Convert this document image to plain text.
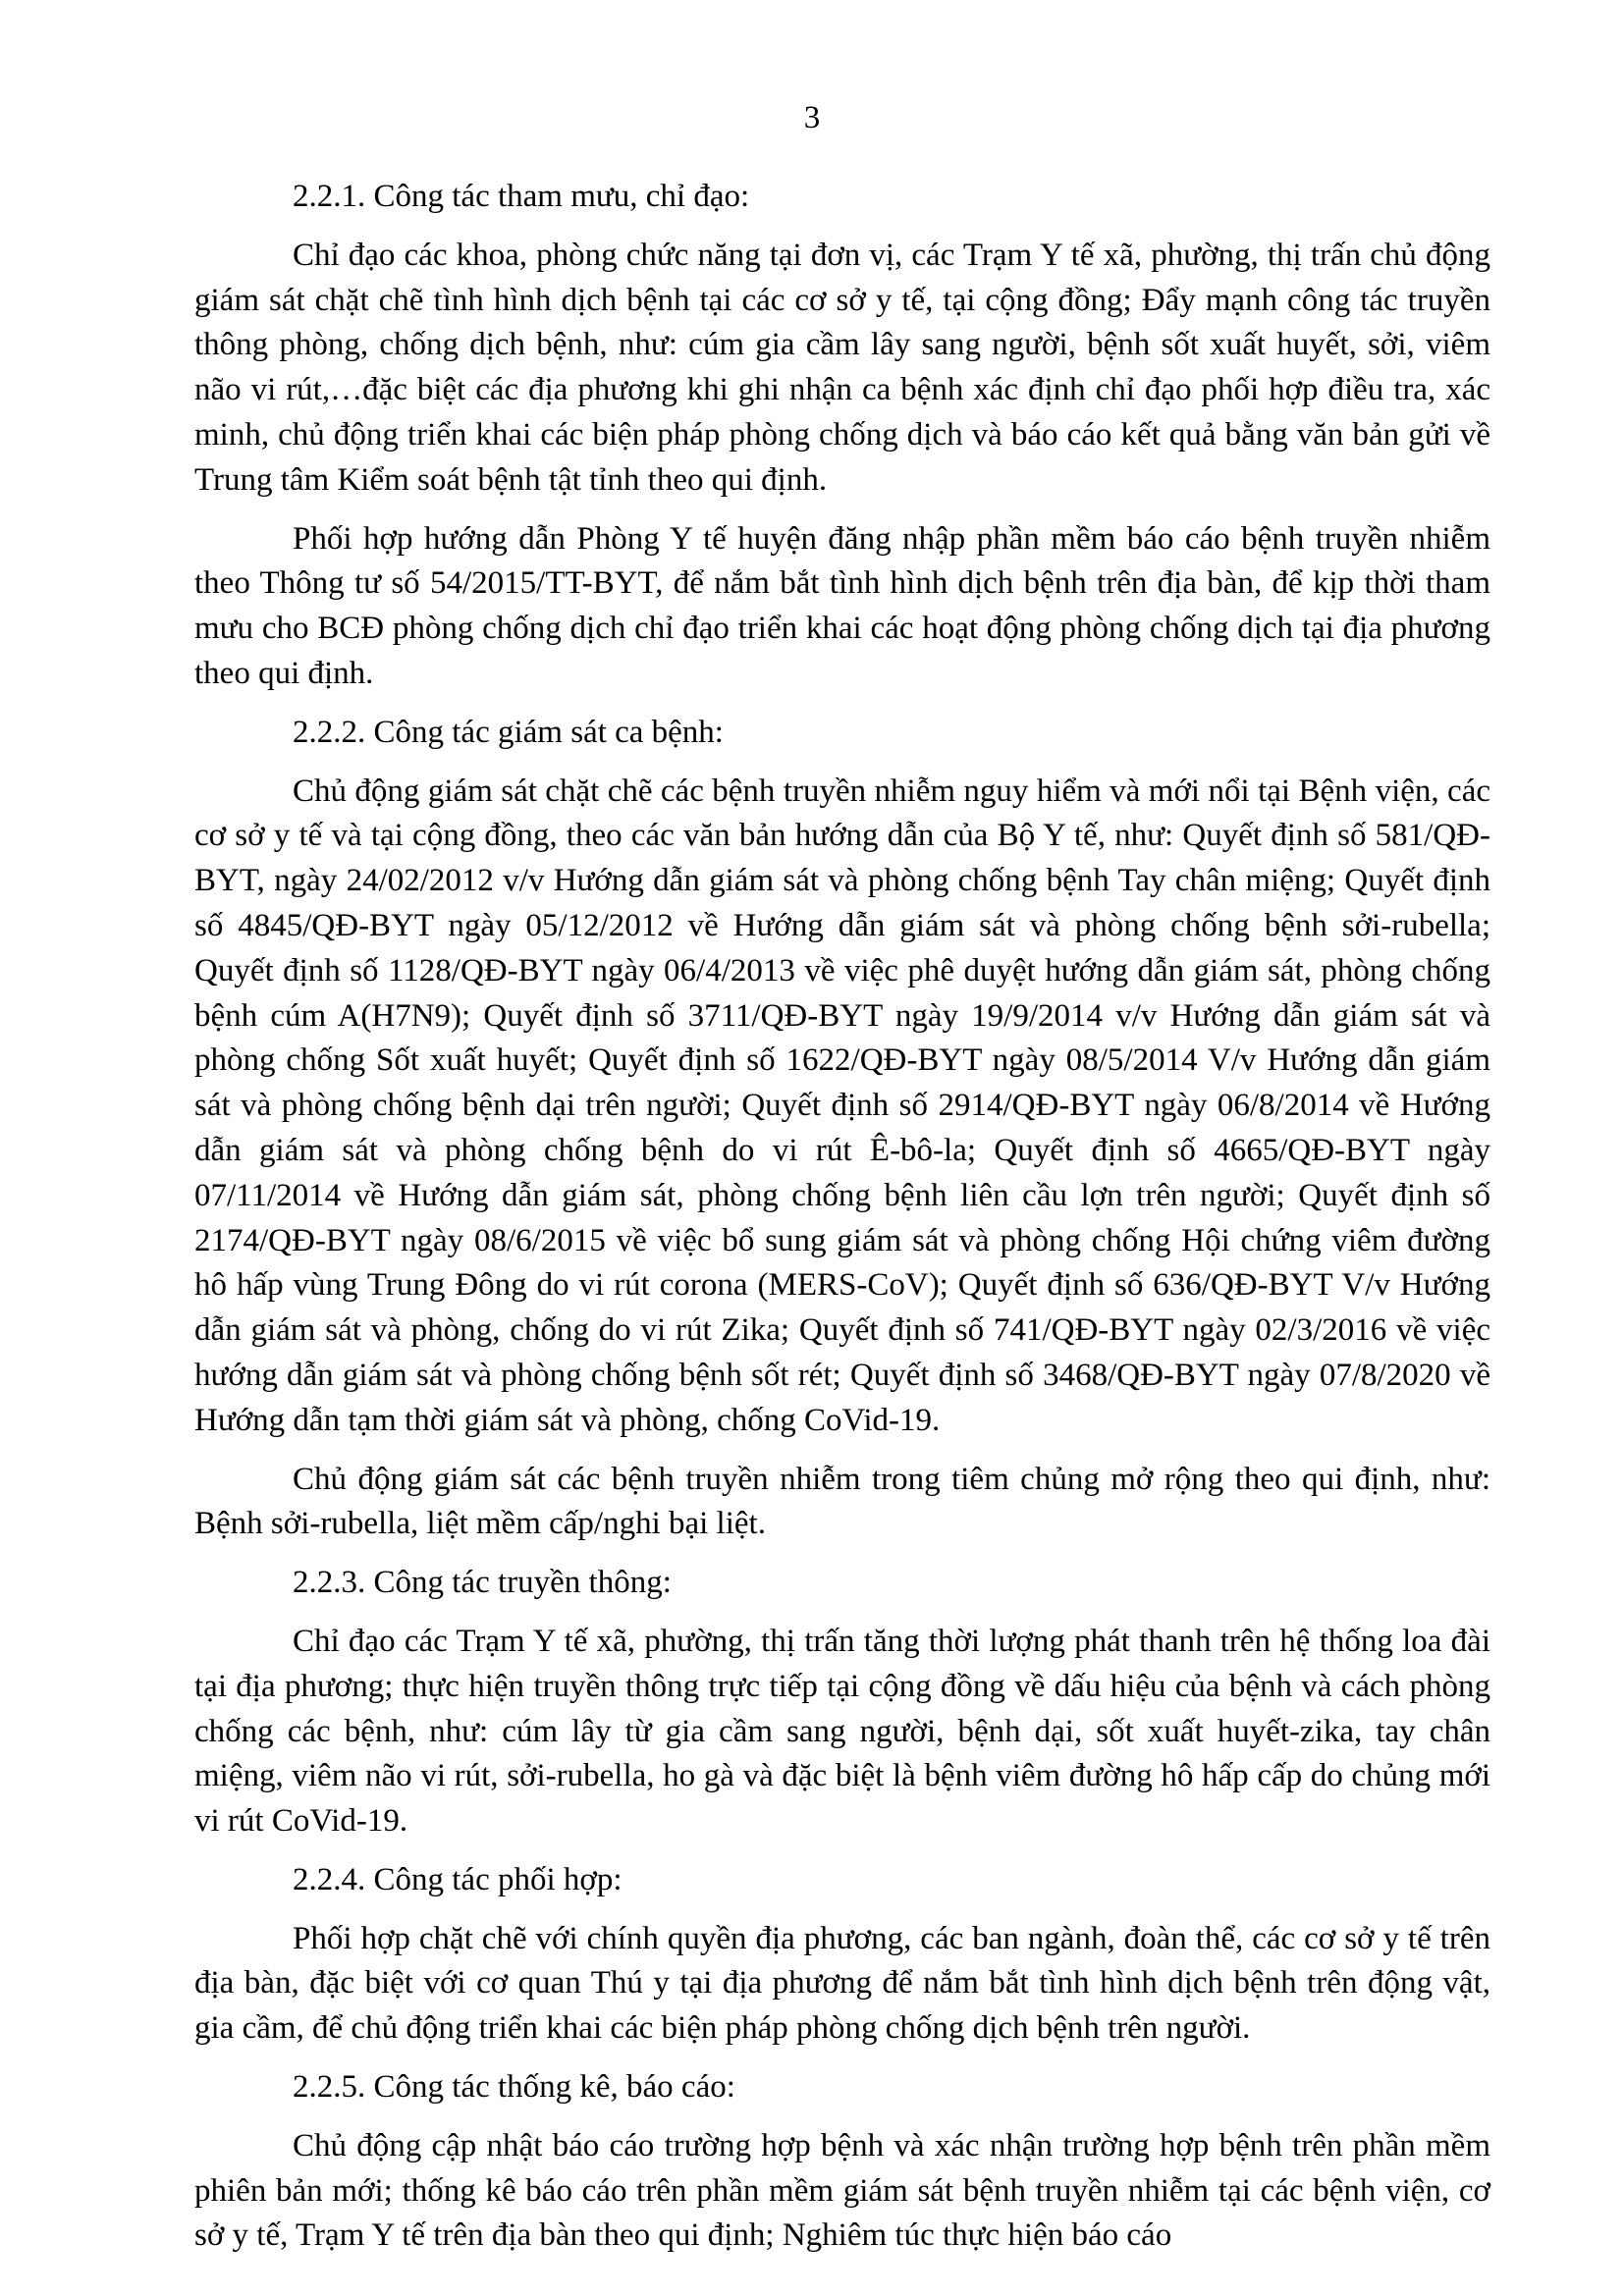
3

2.2.1. Công tác tham mưu, chỉ đạo:

Chỉ đạo các khoa, phòng chức năng tại đơn vị, các Trạm Y tế xã, phường, thị trấn chủ động giám sát chặt chẽ tình hình dịch bệnh tại các cơ sở y tế, tại cộng đồng; Đẩy mạnh công tác truyền thông phòng, chống dịch bệnh, như: cúm gia cầm lây sang người, bệnh sốt xuất huyết, sởi, viêm não vi rút,…đặc biệt các địa phương khi ghi nhận ca bệnh xác định chỉ đạo phối hợp điều tra, xác minh, chủ động triển khai các biện pháp phòng chống dịch và báo cáo kết quả bằng văn bản gửi về Trung tâm Kiểm soát bệnh tật tỉnh theo qui định.

Phối hợp hướng dẫn Phòng Y tế huyện đăng nhập phần mềm báo cáo bệnh truyền nhiễm theo Thông tư số 54/2015/TT-BYT, để nắm bắt tình hình dịch bệnh trên địa bàn, để kịp thời tham mưu cho BCĐ phòng chống dịch chỉ đạo triển khai các hoạt động phòng chống dịch tại địa phương theo qui định.

2.2.2. Công tác giám sát ca bệnh:

Chủ động giám sát chặt chẽ các bệnh truyền nhiễm nguy hiểm và mới nổi tại Bệnh viện, các cơ sở y tế và tại cộng đồng, theo các văn bản hướng dẫn của Bộ Y tế, như: Quyết định số 581/QĐ-BYT, ngày 24/02/2012 v/v Hướng dẫn giám sát và phòng chống bệnh Tay chân miệng; Quyết định số 4845/QĐ-BYT ngày 05/12/2012 về Hướng dẫn giám sát và phòng chống bệnh sởi-rubella; Quyết định số 1128/QĐ-BYT ngày 06/4/2013 về việc phê duyệt hướng dẫn giám sát, phòng chống bệnh cúm A(H7N9); Quyết định số 3711/QĐ-BYT ngày 19/9/2014 v/v Hướng dẫn giám sát và phòng chống Sốt xuất huyết; Quyết định số 1622/QĐ-BYT ngày 08/5/2014 V/v Hướng dẫn giám sát và phòng chống bệnh dại trên người; Quyết định số 2914/QĐ-BYT ngày 06/8/2014 về Hướng dẫn giám sát và phòng chống bệnh do vi rút Ê-bô-la; Quyết định số 4665/QĐ-BYT ngày 07/11/2014 về Hướng dẫn giám sát, phòng chống bệnh liên cầu lợn trên người; Quyết định số 2174/QĐ-BYT ngày 08/6/2015 về việc bổ sung giám sát và phòng chống Hội chứng viêm đường hô hấp vùng Trung Đông do vi rút corona (MERS-CoV); Quyết định số 636/QĐ-BYT V/v Hướng dẫn giám sát và phòng, chống do vi rút Zika; Quyết định số 741/QĐ-BYT ngày 02/3/2016 về việc hướng dẫn giám sát và phòng chống bệnh sốt rét; Quyết định số 3468/QĐ-BYT ngày 07/8/2020 về Hướng dẫn tạm thời giám sát và phòng, chống CoVid-19.

Chủ động giám sát các bệnh truyền nhiễm trong tiêm chủng mở rộng theo qui định, như: Bệnh sởi-rubella, liệt mềm cấp/nghi bại liệt.

2.2.3. Công tác truyền thông:

Chỉ đạo các Trạm Y tế xã, phường, thị trấn tăng thời lượng phát thanh trên hệ thống loa đài tại địa phương; thực hiện truyền thông trực tiếp tại cộng đồng về dấu hiệu của bệnh và cách phòng chống các bệnh, như: cúm lây từ gia cầm sang người, bệnh dại, sốt xuất huyết-zika, tay chân miệng, viêm não vi rút, sởi-rubella, ho gà và đặc biệt là bệnh viêm đường hô hấp cấp do chủng mới vi rút CoVid-19.

2.2.4. Công tác phối hợp:

Phối hợp chặt chẽ với chính quyền địa phương, các ban ngành, đoàn thể, các cơ sở y tế trên địa bàn, đặc biệt với cơ quan Thú y tại địa phương để nắm bắt tình hình dịch bệnh trên động vật, gia cầm, để chủ động triển khai các biện pháp phòng chống dịch bệnh trên người.

2.2.5. Công tác thống kê, báo cáo:

Chủ động cập nhật báo cáo trường hợp bệnh và xác nhận trường hợp bệnh trên phần mềm phiên bản mới; thống kê báo cáo trên phần mềm giám sát bệnh truyền nhiễm tại các bệnh viện, cơ sở y tế, Trạm Y tế trên địa bàn theo qui định; Nghiêm túc thực hiện báo cáo
